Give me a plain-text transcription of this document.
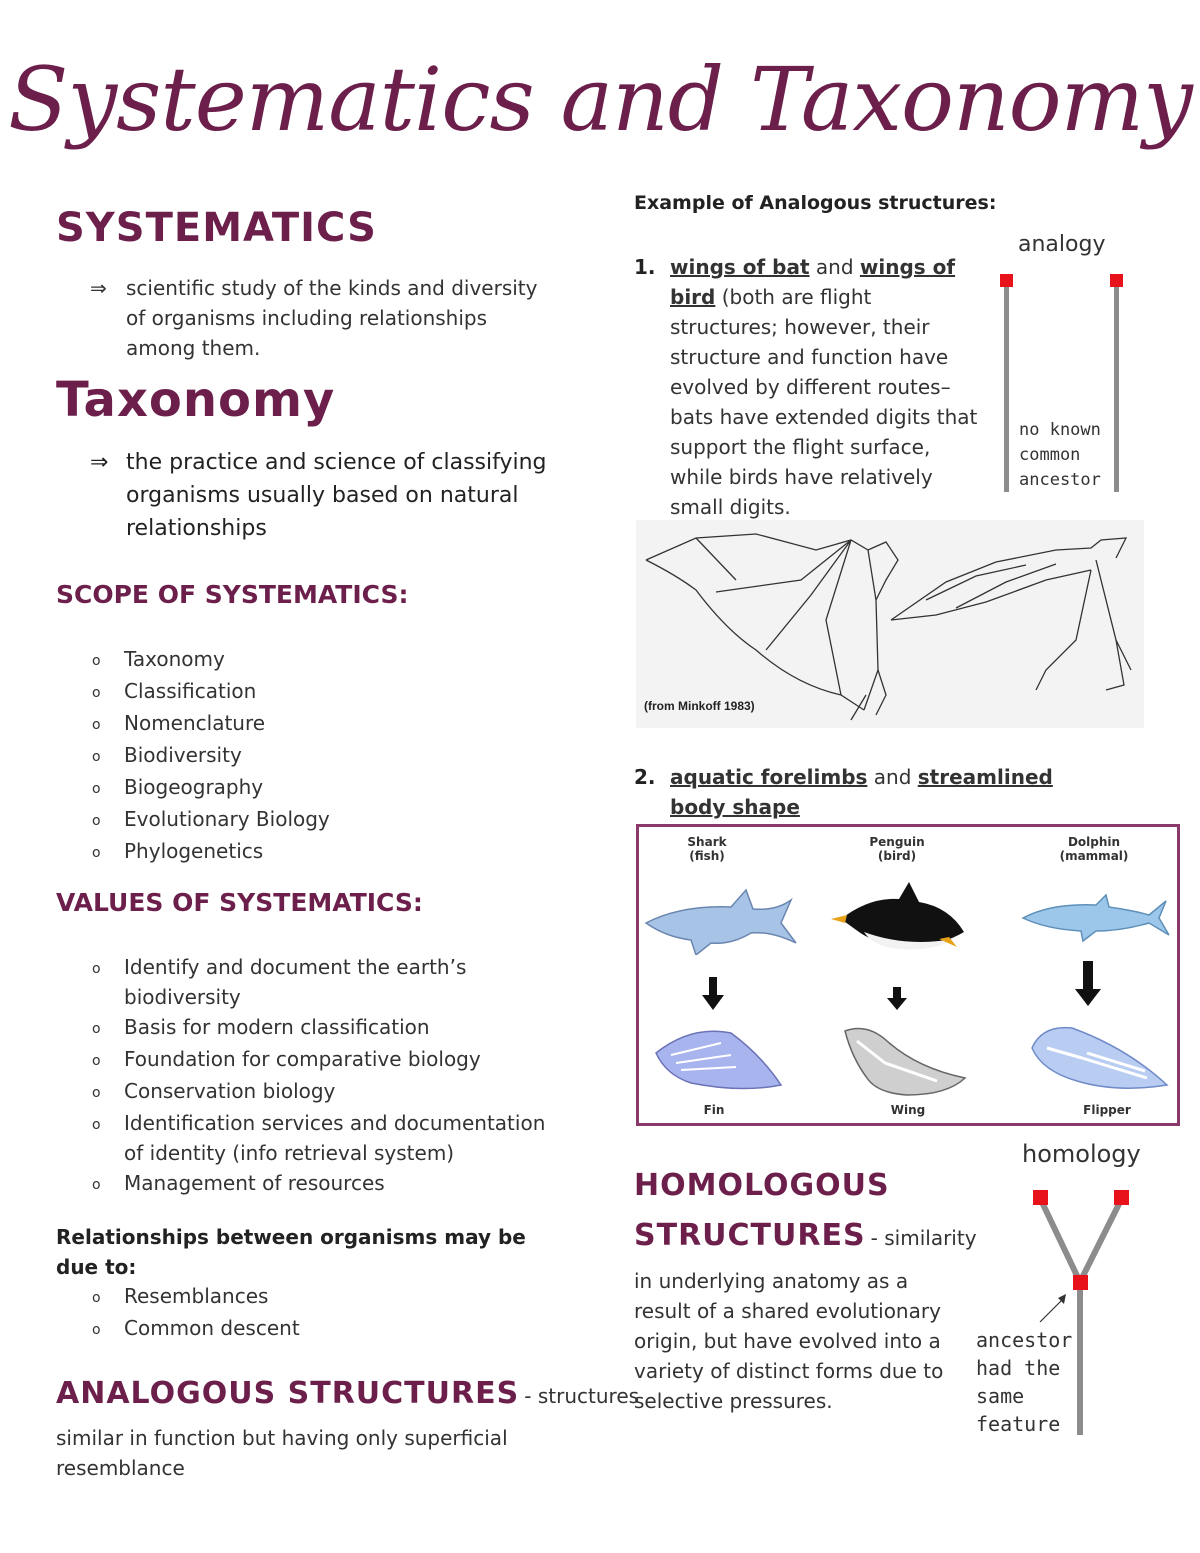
Systematics and Taxonomy
SYSTEMATICS
⇒ scientific study of the kinds and diversity of organisms including relationships among them.
Taxonomy
⇒ the practice and science of classifying organisms usually based on natural relationships
SCOPE OF SYSTEMATICS:
o	Taxonomy
o	Classification
o	Nomenclature
o	Biodiversity
o	Biogeography
o	Evolutionary Biology
o	Phylogenetics
VALUES OF SYSTEMATICS:
o	Identify and document the earth’s biodiversity
o	Basis for modern classification
o	Foundation for comparative biology
o	Conservation biology
o	Identification services and documentation of identity (info retrieval system)
o	Management of resources
Relationships between organisms may be due to:
o	Resemblances
o	Common descent
ANALOGOUS STRUCTURES - structures
similar in function but having only superficial resemblance
Example of Analogous structures:
1. wings of bat and wings of bird (both are flight structures; however, their structure and function have evolved by different routes– bats have extended digits that support the flight surface, while birds have relatively small digits.
analogy
no known common ancestor
(from Minkoff 1983)
2. aquatic forelimbs and streamlined body shape
Shark
(fish)
Fin
Penguin
(bird)
Wing
Dolphin
(mammal)
Flipper
HOMOLOGOUS
STRUCTURES - similarity
in underlying anatomy as a result of a shared evolutionary origin, but have evolved into a variety of distinct forms due to selective pressures.
homology
ancestor had the same feature
